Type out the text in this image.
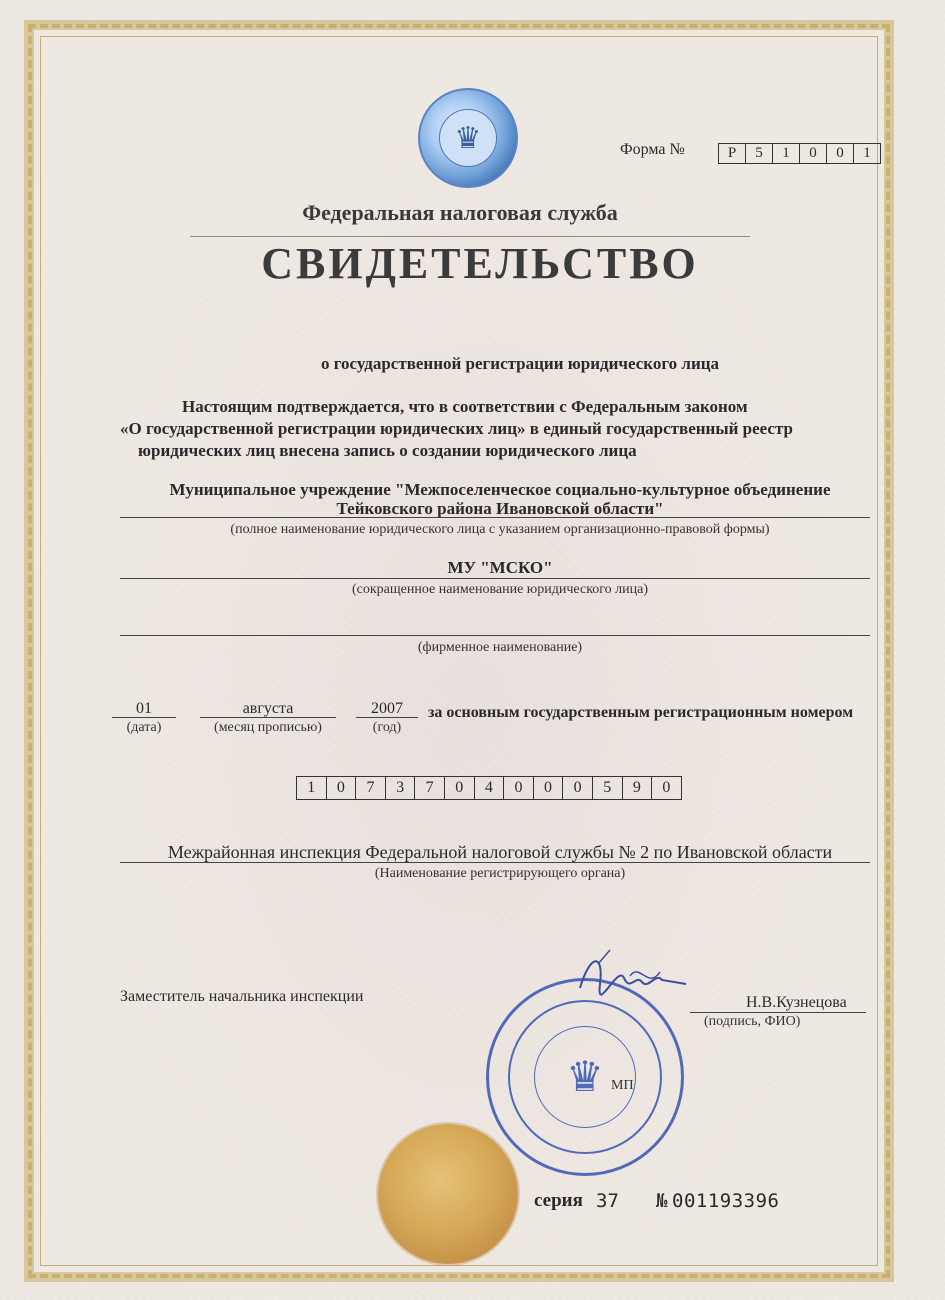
♛	Форма №	Р	5	1	0	0	1
Федеральная налоговая служба
СВИДЕТЕЛЬСТВО
о государственной регистрации юридического лица
Настоящим подтверждается, что в соответствии с Федеральным законом
«О государственной регистрации юридических лиц» в единый государственный реестр
юридических лиц внесена запись о создании юридического лица
Муниципальное учреждение "Межпоселенческое социально-культурное объединение
Тейковского района Ивановской области"
(полное наименование юридического лица с указанием организационно-правовой формы)
МУ "МСКО"
(сокращенное наименование юридического лица)
(фирменное наименование)
01
(дата)
августа
(месяц прописью)
2007
(год)
за основным государственным регистрационным номером
1	0	7	3	7	0	4	0	0	0	5	9	0
Межрайонная инспекция Федеральной налоговой службы № 2 по Ивановской области
(Наименование регистрирующего органа)
Заместитель начальника инспекции
♛ МП
Н.В.Кузнецова
(подпись, ФИО)
серия 37 № 001193396
